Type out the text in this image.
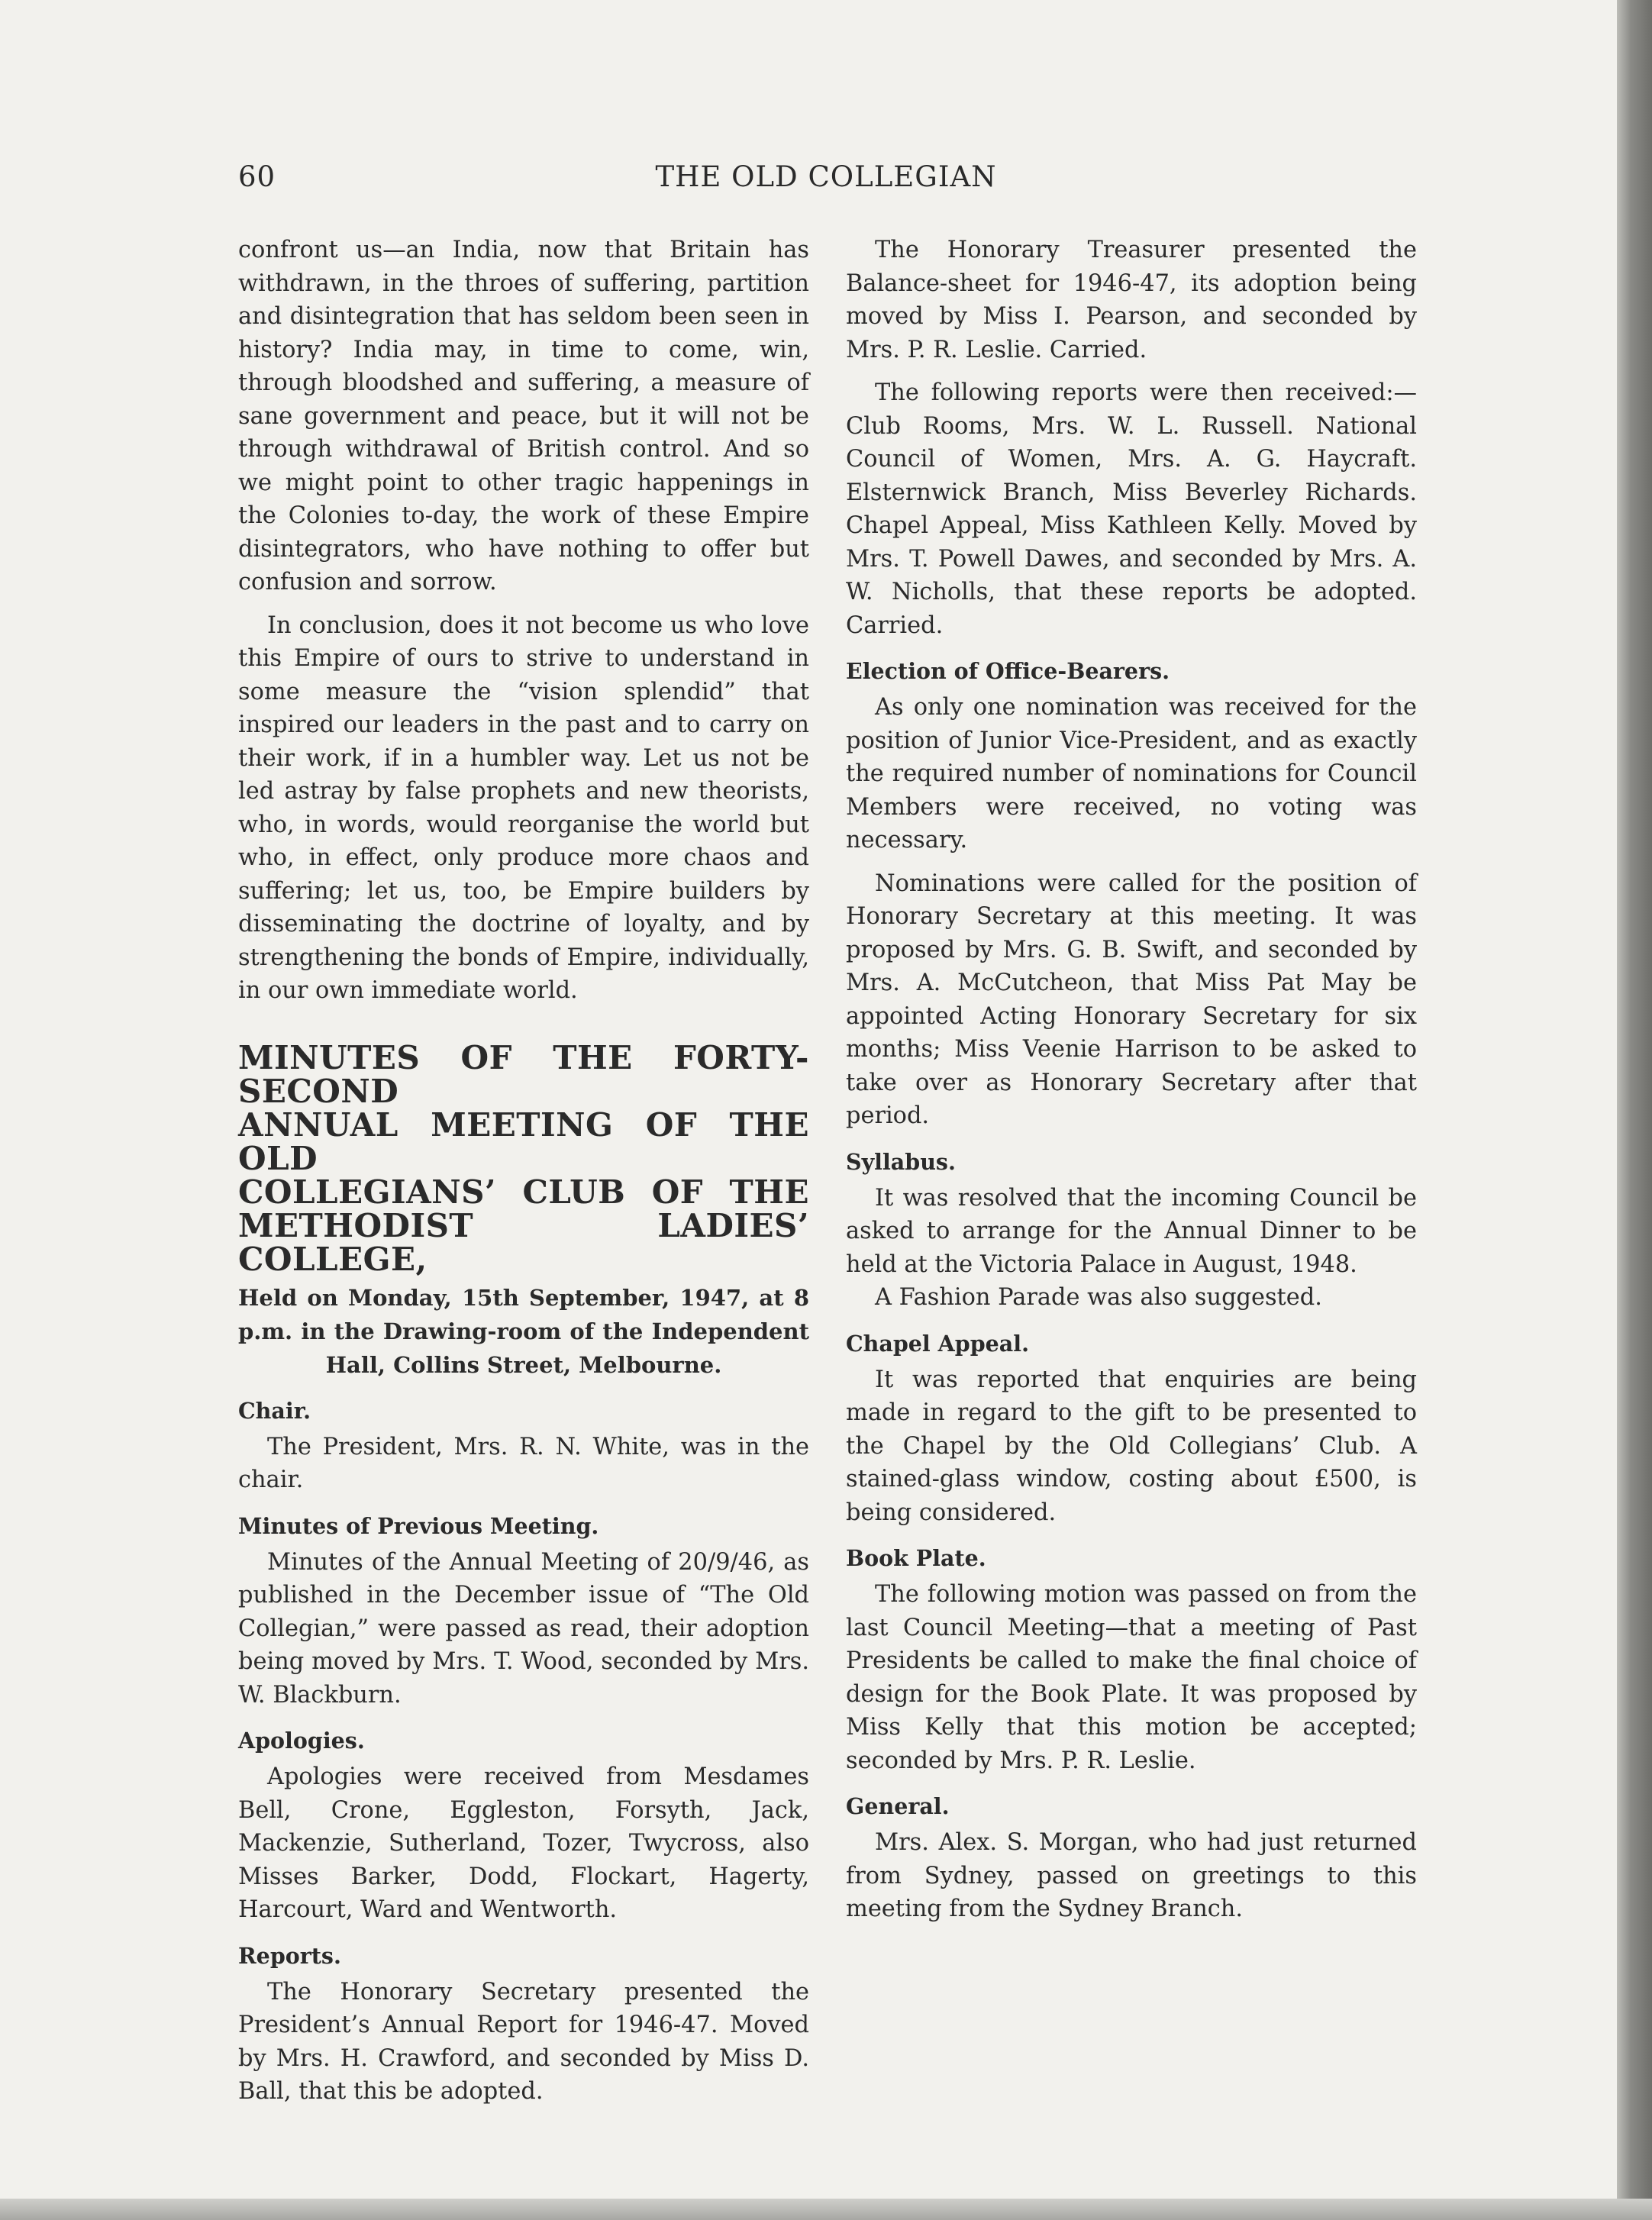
60	THE OLD COLLEGIAN

confront us—an India, now that Britain has withdrawn, in the throes of suffering, partition and disintegration that has seldom been seen in history? India may, in time to come, win, through bloodshed and suffering, a measure of sane government and peace, but it will not be through withdrawal of British control. And so we might point to other tragic happenings in the Colonies to-day, the work of these Empire disintegrators, who have nothing to offer but confusion and sorrow.

In conclusion, does it not become us who love this Empire of ours to strive to understand in some measure the “vision splendid” that inspired our leaders in the past and to carry on their work, if in a humbler way. Let us not be led astray by false prophets and new theorists, who, in words, would reorganise the world but who, in effect, only produce more chaos and suffering; let us, too, be Empire builders by disseminating the doctrine of loyalty, and by strengthening the bonds of Empire, individually, in our own immediate world.

MINUTES OF THE FORTY-SECOND
ANNUAL MEETING OF THE OLD
COLLEGIANS’ CLUB OF THE
METHODIST LADIES’ COLLEGE,
Held on Monday, 15th September, 1947, at 8
p.m. in the Drawing-room of the Independent
Hall, Collins Street, Melbourne.
Chair.

The President, Mrs. R. N. White, was in the chair.

Minutes of Previous Meeting.

Minutes of the Annual Meeting of 20/9/46, as published in the December issue of “The Old Collegian,” were passed as read, their adoption being moved by Mrs. T. Wood, seconded by Mrs. W. Blackburn.

Apologies.

Apologies were received from Mesdames Bell, Crone, Eggleston, Forsyth, Jack, Mackenzie, Sutherland, Tozer, Twycross, also Misses Barker, Dodd, Flockart, Hagerty, Harcourt, Ward and Wentworth.

Reports.

The Honorary Secretary presented the President’s Annual Report for 1946-47. Moved by Mrs. H. Crawford, and seconded by Miss D. Ball, that this be adopted.

The Honorary Treasurer presented the Balance-sheet for 1946-47, its adoption being moved by Miss I. Pearson, and seconded by Mrs. P. R. Leslie. Carried.

The following reports were then received:— Club Rooms, Mrs. W. L. Russell. National Council of Women, Mrs. A. G. Haycraft. Elsternwick Branch, Miss Beverley Richards. Chapel Appeal, Miss Kathleen Kelly. Moved by Mrs. T. Powell Dawes, and seconded by Mrs. A. W. Nicholls, that these reports be adopted. Carried.

Election of Office-Bearers.

As only one nomination was received for the position of Junior Vice-President, and as exactly the required number of nominations for Council Members were received, no voting was necessary.

Nominations were called for the position of Honorary Secretary at this meeting. It was proposed by Mrs. G. B. Swift, and seconded by Mrs. A. McCutcheon, that Miss Pat May be appointed Acting Honorary Secretary for six months; Miss Veenie Harrison to be asked to take over as Honorary Secretary after that period.

Syllabus.

It was resolved that the incoming Council be asked to arrange for the Annual Dinner to be held at the Victoria Palace in August, 1948.

A Fashion Parade was also suggested.

Chapel Appeal.

It was reported that enquiries are being made in regard to the gift to be presented to the Chapel by the Old Collegians’ Club. A stained-glass window, costing about £500, is being considered.

Book Plate.

The following motion was passed on from the last Council Meeting—that a meeting of Past Presidents be called to make the final choice of design for the Book Plate. It was proposed by Miss Kelly that this motion be accepted; seconded by Mrs. P. R. Leslie.

General.

Mrs. Alex. S. Morgan, who had just returned from Sydney, passed on greetings to this meeting from the Sydney Branch.
